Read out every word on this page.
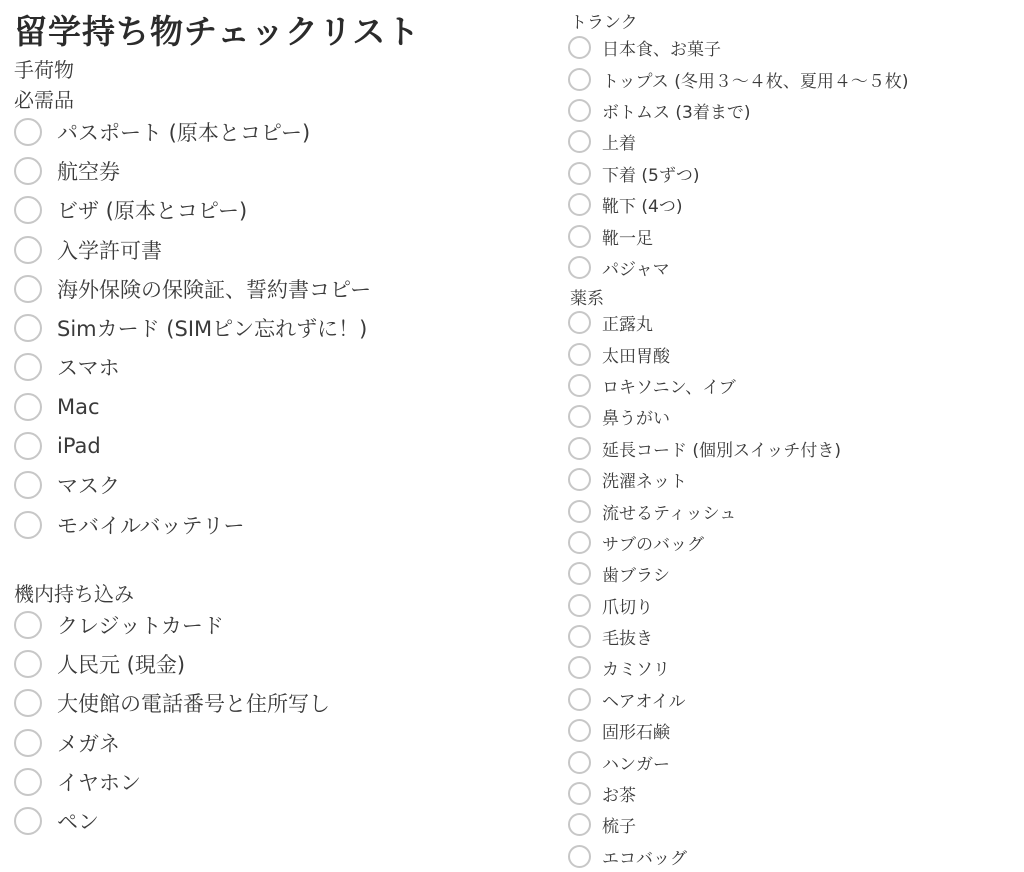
留学持ち物チェックリスト
手荷物
必需品
パスポート (原本とコピー)
航空券
ビザ (原本とコピー)
入学許可書
海外保険の保険証、誓約書コピー
Simカード (SIMピン忘れずに！)
スマホ
Mac
iPad
マスク
モバイルバッテリー
機内持ち込み
クレジットカード
人民元 (現金)
大使館の電話番号と住所写し
メガネ
イヤホン
ペン
トランク
日本食、お菓子
トップス (冬用３〜４枚、夏用４〜５枚)
ボトムス (3着まで)
上着
下着 (5ずつ)
靴下 (4つ)
靴一足
パジャマ
薬系
正露丸
太田胃酸
ロキソニン、イブ
鼻うがい
延長コード (個別スイッチ付き)
洗濯ネット
流せるティッシュ
サブのバッグ
歯ブラシ
爪切り
毛抜き
カミソリ
ヘアオイル
固形石鹸
ハンガー
お茶
梳子
エコバッグ
